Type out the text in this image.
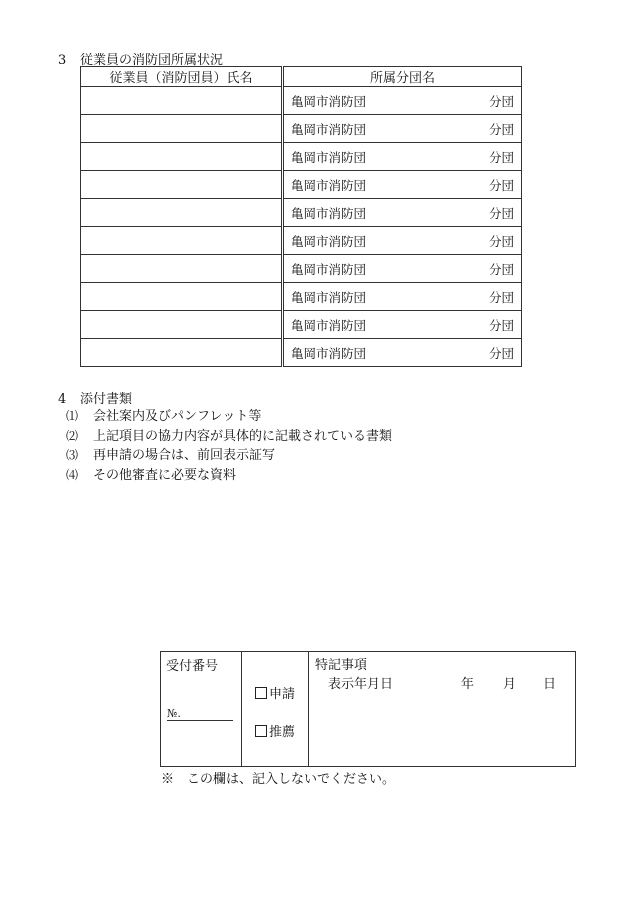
3 従業員の消防団所属状況
従業員（消防団員）氏名	所属分団名

	亀岡市消防団 分団

	亀岡市消防団 分団

	亀岡市消防団 分団

	亀岡市消防団 分団

	亀岡市消防団 分団

	亀岡市消防団 分団

	亀岡市消防団 分団

	亀岡市消防団 分団

	亀岡市消防団 分団

	亀岡市消防団 分団
4 添付書類
⑴ 会社案内及びパンフレット等
⑵ 上記項目の協力内容が具体的に記載されている書類
⑶ 再申請の場合は、前回表示証写
⑷ その他審査に必要な資料
受付番号
№.
申請
推薦
特記事項
表示年月日	年 月 日
※　この欄は、記入しないでください。
